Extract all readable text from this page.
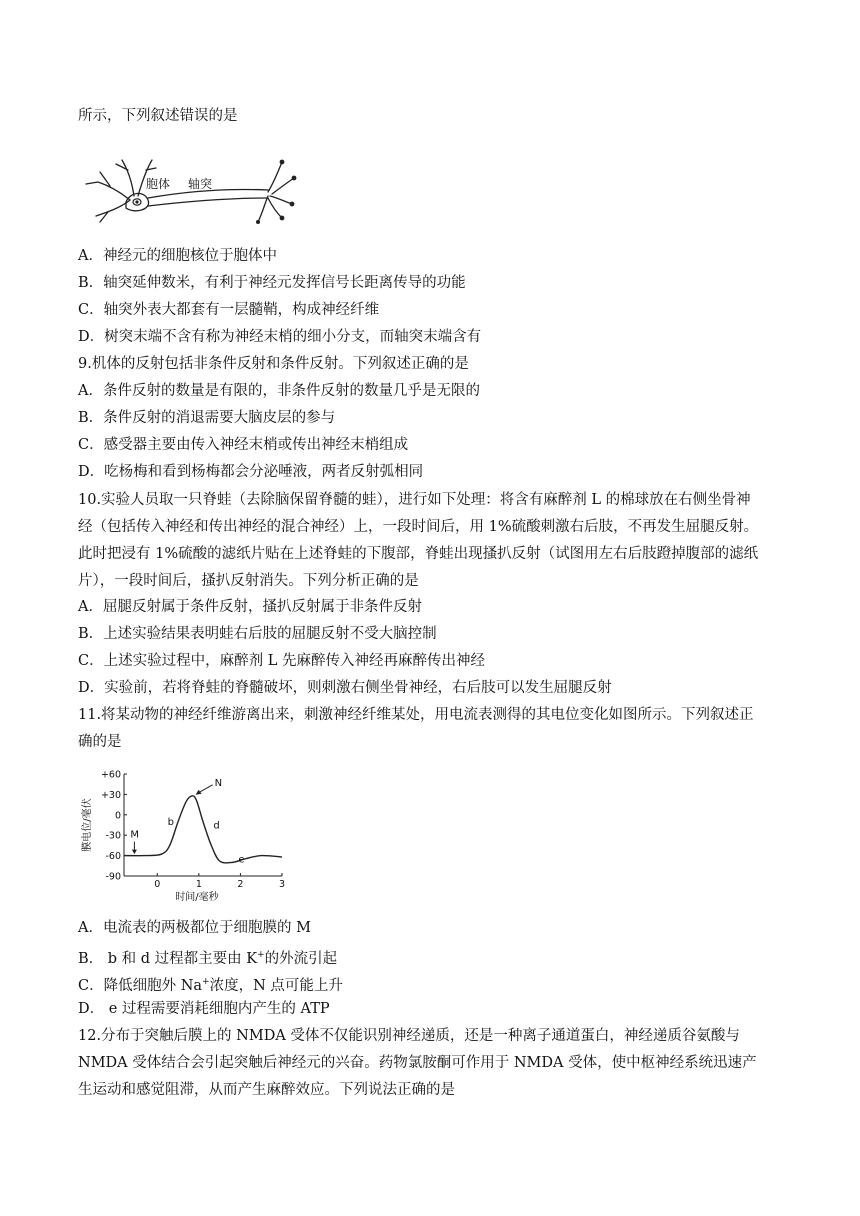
所示，下列叙述错误的是
胞体 轴突
A．神经元的细胞核位于胞体中
B．轴突延伸数米，有利于神经元发挥信号长距离传导的功能
C．轴突外表大都套有一层髓鞘，构成神经纤维
D．树突末端不含有称为神经末梢的细小分支，而轴突末端含有
9.机体的反射包括非条件反射和条件反射。下列叙述正确的是
A．条件反射的数量是有限的，非条件反射的数量几乎是无限的
B．条件反射的消退需要大脑皮层的参与
C．感受器主要由传入神经末梢或传出神经末梢组成
D．吃杨梅和看到杨梅都会分泌唾液，两者反射弧相同
10.实验人员取一只脊蛙（去除脑保留脊髓的蛙），进行如下处理：将含有麻醉剂 L 的棉球放在右侧坐骨神
经（包括传入神经和传出神经的混合神经）上，一段时间后，用 1%硫酸刺激右后肢，不再发生屈腿反射。
此时把浸有 1%硫酸的滤纸片贴在上述脊蛙的下腹部，脊蛙出现搔扒反射（试图用左右后肢蹬掉腹部的滤纸
片），一段时间后，搔扒反射消失。下列分析正确的是
A．屈腿反射属于条件反射，搔扒反射属于非条件反射
B．上述实验结果表明蛙右后肢的屈腿反射不受大脑控制
C．上述实验过程中，麻醉剂 L 先麻醉传入神经再麻醉传出神经
D．实验前，若将脊蛙的脊髓破坏，则刺激右侧坐骨神经，右后肢可以发生屈腿反射
11.将某动物的神经纤维游离出来，刺激神经纤维某处，用电流表测得的其电位变化如图所示。下列叙述正
确的是
+60
+30
0
-30
-60
-90
0	1	2	3
时间/毫秒
膜电位/毫伏	M
N
b	d
e
A．电流表的两极都位于细胞膜的 M
B． b 和 d 过程都主要由 K+的外流引起
C．降低细胞外 Na+浓度，N 点可能上升
D． e 过程需要消耗细胞内产生的 ATP
12.分布于突触后膜上的 NMDA 受体不仅能识别神经递质，还是一种离子通道蛋白，神经递质谷氨酸与
NMDA 受体结合会引起突触后神经元的兴奋。药物氯胺酮可作用于 NMDA 受体，使中枢神经系统迅速产
生运动和感觉阻滞，从而产生麻醉效应。下列说法正确的是
